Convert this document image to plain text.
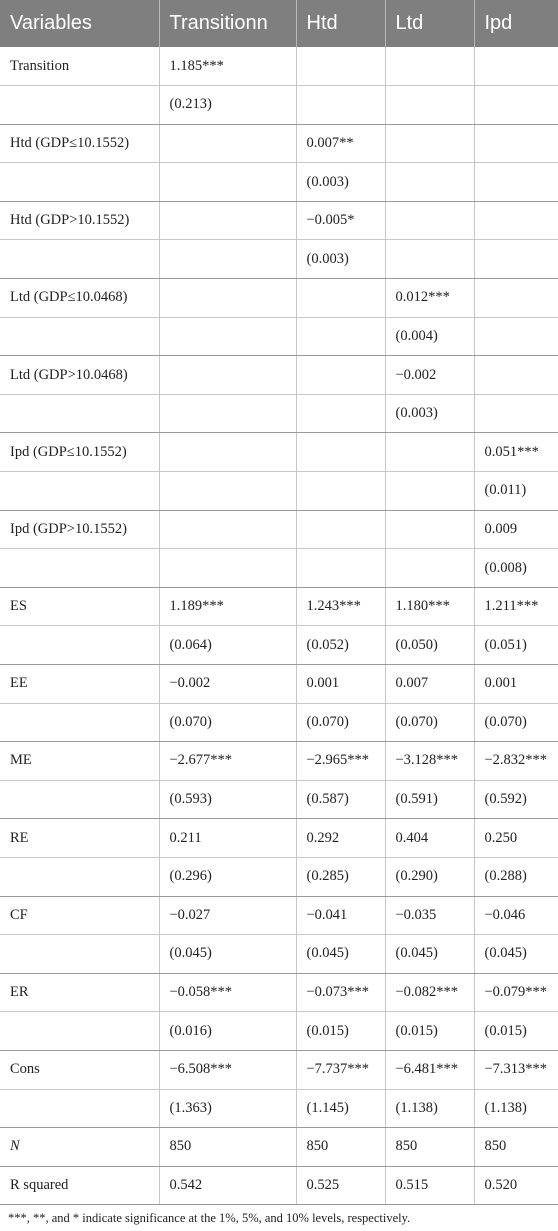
Variables	Transitionn	Htd	Ltd	Ipd
Transition	1.185***			
	(0.213)			
Htd (GDP≤10.1552)		0.007**		
		(0.003)		
Htd (GDP>10.1552)		−0.005*		
		(0.003)		
Ltd (GDP≤10.0468)			0.012***	
			(0.004)	
Ltd (GDP>10.0468)			−0.002	
			(0.003)	
Ipd (GDP≤10.1552)				0.051***
				(0.011)
Ipd (GDP>10.1552)				0.009
				(0.008)
ES	1.189***	1.243***	1.180***	1.211***
	(0.064)	(0.052)	(0.050)	(0.051)
EE	−0.002	0.001	0.007	0.001
	(0.070)	(0.070)	(0.070)	(0.070)
ME	−2.677***	−2.965***	−3.128***	−2.832***
	(0.593)	(0.587)	(0.591)	(0.592)
RE	0.211	0.292	0.404	0.250
	(0.296)	(0.285)	(0.290)	(0.288)
CF	−0.027	−0.041	−0.035	−0.046
	(0.045)	(0.045)	(0.045)	(0.045)
ER	−0.058***	−0.073***	−0.082***	−0.079***
	(0.016)	(0.015)	(0.015)	(0.015)
Cons	−6.508***	−7.737***	−6.481***	−7.313***
	(1.363)	(1.145)	(1.138)	(1.138)
N	850	850	850	850
R squared	0.542	0.525	0.515	0.520
***, **, and * indicate significance at the 1%, 5%, and 10% levels, respectively.
